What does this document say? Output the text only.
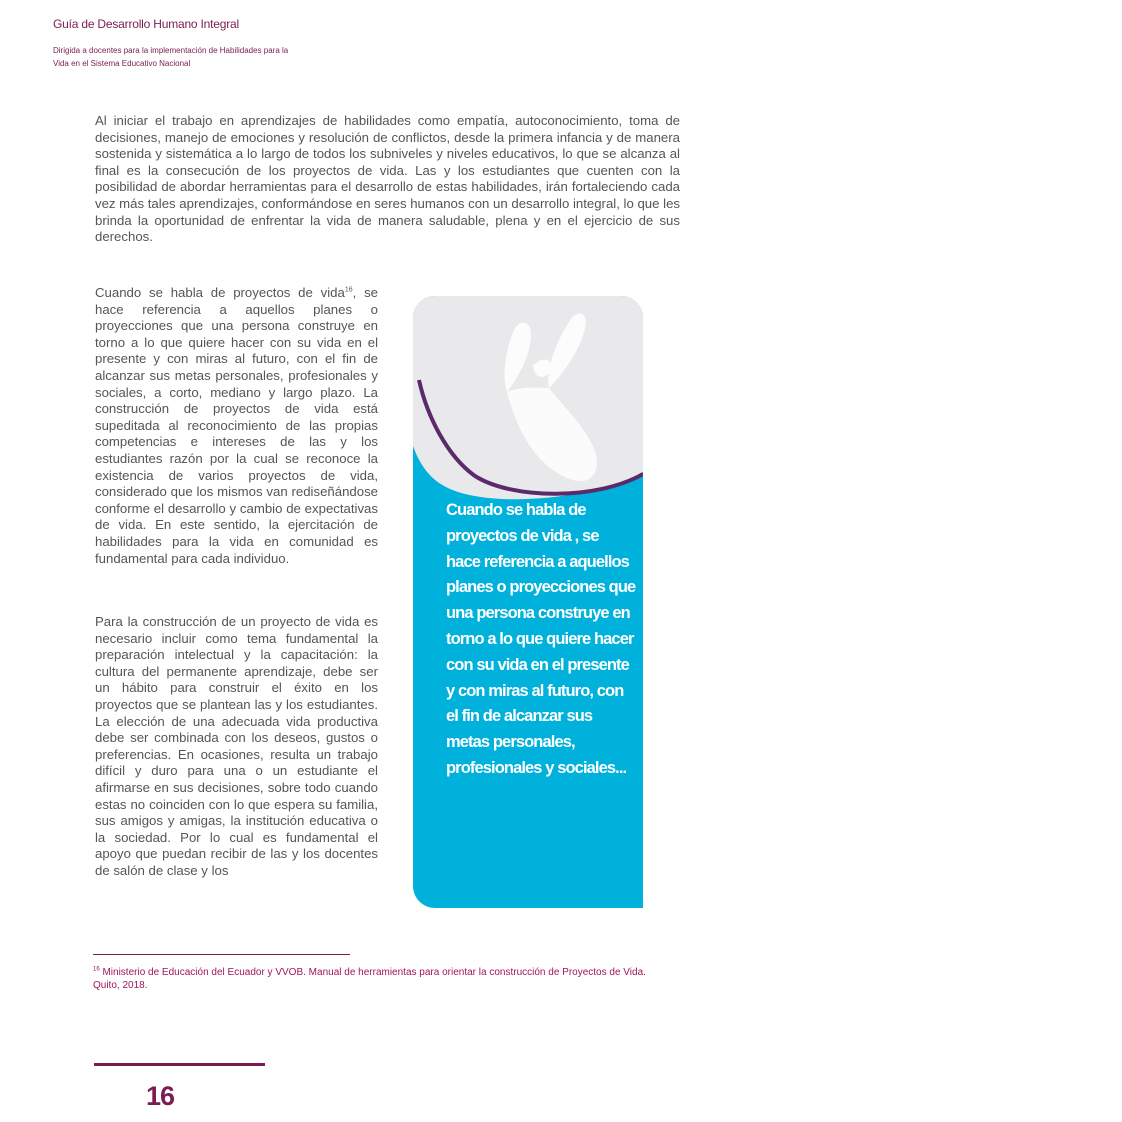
Guía de Desarrollo Humano Integral
Dirigida a docentes para la implementación de Habilidades para la
Vida en el Sistema Educativo Nacional

Al iniciar el trabajo en aprendizajes de habilidades como empatía, autoconocimiento, toma de decisiones, manejo de emociones y resolución de conflictos, desde la primera infancia y de manera sostenida y sistemática a lo largo de todos los subniveles y niveles educativos, lo que se alcanza al final es la consecución de los proyectos de vida. Las y los estudiantes que cuenten con la posibilidad de abordar herramientas para el desarrollo de estas habilidades, irán fortaleciendo cada vez más tales aprendizajes, conformándose en seres humanos con un desarrollo integral, lo que les brinda la oportunidad de enfrentar la vida de manera saludable, plena y en el ejercicio de sus derechos.

Cuando se habla de proyectos de vida$^{16}$, se hace referencia a aquellos planes o proyecciones que una persona construye en torno a lo que quiere hacer con su vida en el presente y con miras al futuro, con el fin de alcanzar sus metas personales, profesionales y sociales, a corto, mediano y largo plazo. La construcción de proyectos de vida está supeditada al reconocimiento de las propias competencias e intereses de las y los estudiantes razón por la cual se reconoce la existencia de varios proyectos de vida, considerado que los mismos van rediseñándose conforme el desarrollo y cambio de expectativas de vida. En este sentido, la ejercitación de habilidades para la vida en comunidad es fundamental para cada individuo.

Para la construcción de un proyecto de vida es necesario incluir como tema fundamental la preparación intelectual y la capacitación: la cultura del permanente aprendizaje, debe ser un hábito para construir el éxito en los proyectos que se plantean las y los estudiantes. La elección de una adecuada vida productiva debe ser combinada con los deseos, gustos o preferencias. En ocasiones, resulta un trabajo difícil y duro para una o un estudiante el afirmarse en sus decisiones, sobre todo cuando estas no coinciden con lo que espera su familia, sus amigos y amigas, la institución educativa o la sociedad. Por lo cual es fundamental el apoyo que puedan recibir de las y los docentes de salón de clase y los

Cuando se habla de proyectos de vida , se hace referencia a aquellos planes o proyecciones que una persona construye en torno a lo que quiere hacer con su vida en el presente y con miras al futuro, con el fin de alcanzar sus metas personales, profesionales y sociales...

$^{16}$ Ministerio de Educación del Ecuador y VVOB. Manual de herramientas para orientar la construcción de Proyectos de Vida. Quito, 2018.

16
